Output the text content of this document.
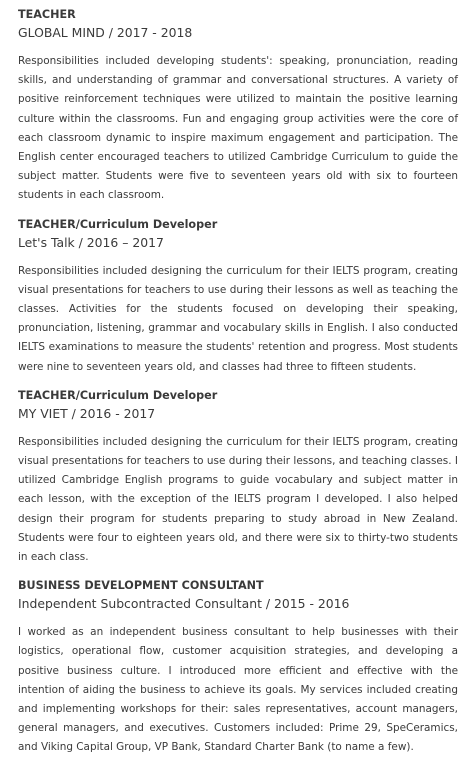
TEACHER
GLOBAL MIND / 2017 - 2018

Responsibilities included developing students': speaking, pronunciation, reading skills, and understanding of grammar and conversational structures. A variety of positive reinforcement techniques were utilized to maintain the positive learning culture within the classrooms. Fun and engaging group activities were the core of each classroom dynamic to inspire maximum engagement and participation. The English center encouraged teachers to utilized Cambridge Curriculum to guide the subject matter. Students were five to seventeen years old with six to fourteen students in each classroom.

TEACHER/Curriculum Developer
Let's Talk / 2016 – 2017

Responsibilities included designing the curriculum for their IELTS program, creating visual presentations for teachers to use during their lessons as well as teaching the classes. Activities for the students focused on developing their speaking, pronunciation, listening, grammar and vocabulary skills in English. I also conducted IELTS examinations to measure the students' retention and progress. Most students were nine to seventeen years old, and classes had three to fifteen students.

TEACHER/Curriculum Developer
MY VIET / 2016 - 2017

Responsibilities included designing the curriculum for their IELTS program, creating visual presentations for teachers to use during their lessons, and teaching classes. I utilized Cambridge English programs to guide vocabulary and subject matter in each lesson, with the exception of the IELTS program I developed. I also helped design their program for students preparing to study abroad in New Zealand. Students were four to eighteen years old, and there were six to thirty-two students in each class.

BUSINESS DEVELOPMENT CONSULTANT
Independent Subcontracted Consultant / 2015 - 2016

I worked as an independent business consultant to help businesses with their logistics, operational flow, customer acquisition strategies, and developing a positive business culture. I introduced more efficient and effective with the intention of aiding the business to achieve its goals. My services included creating and implementing workshops for their: sales representatives, account managers, general managers, and executives. Customers included: Prime 29, SpeCeramics, and Viking Capital Group, VP Bank, Standard Charter Bank (to name a few).
